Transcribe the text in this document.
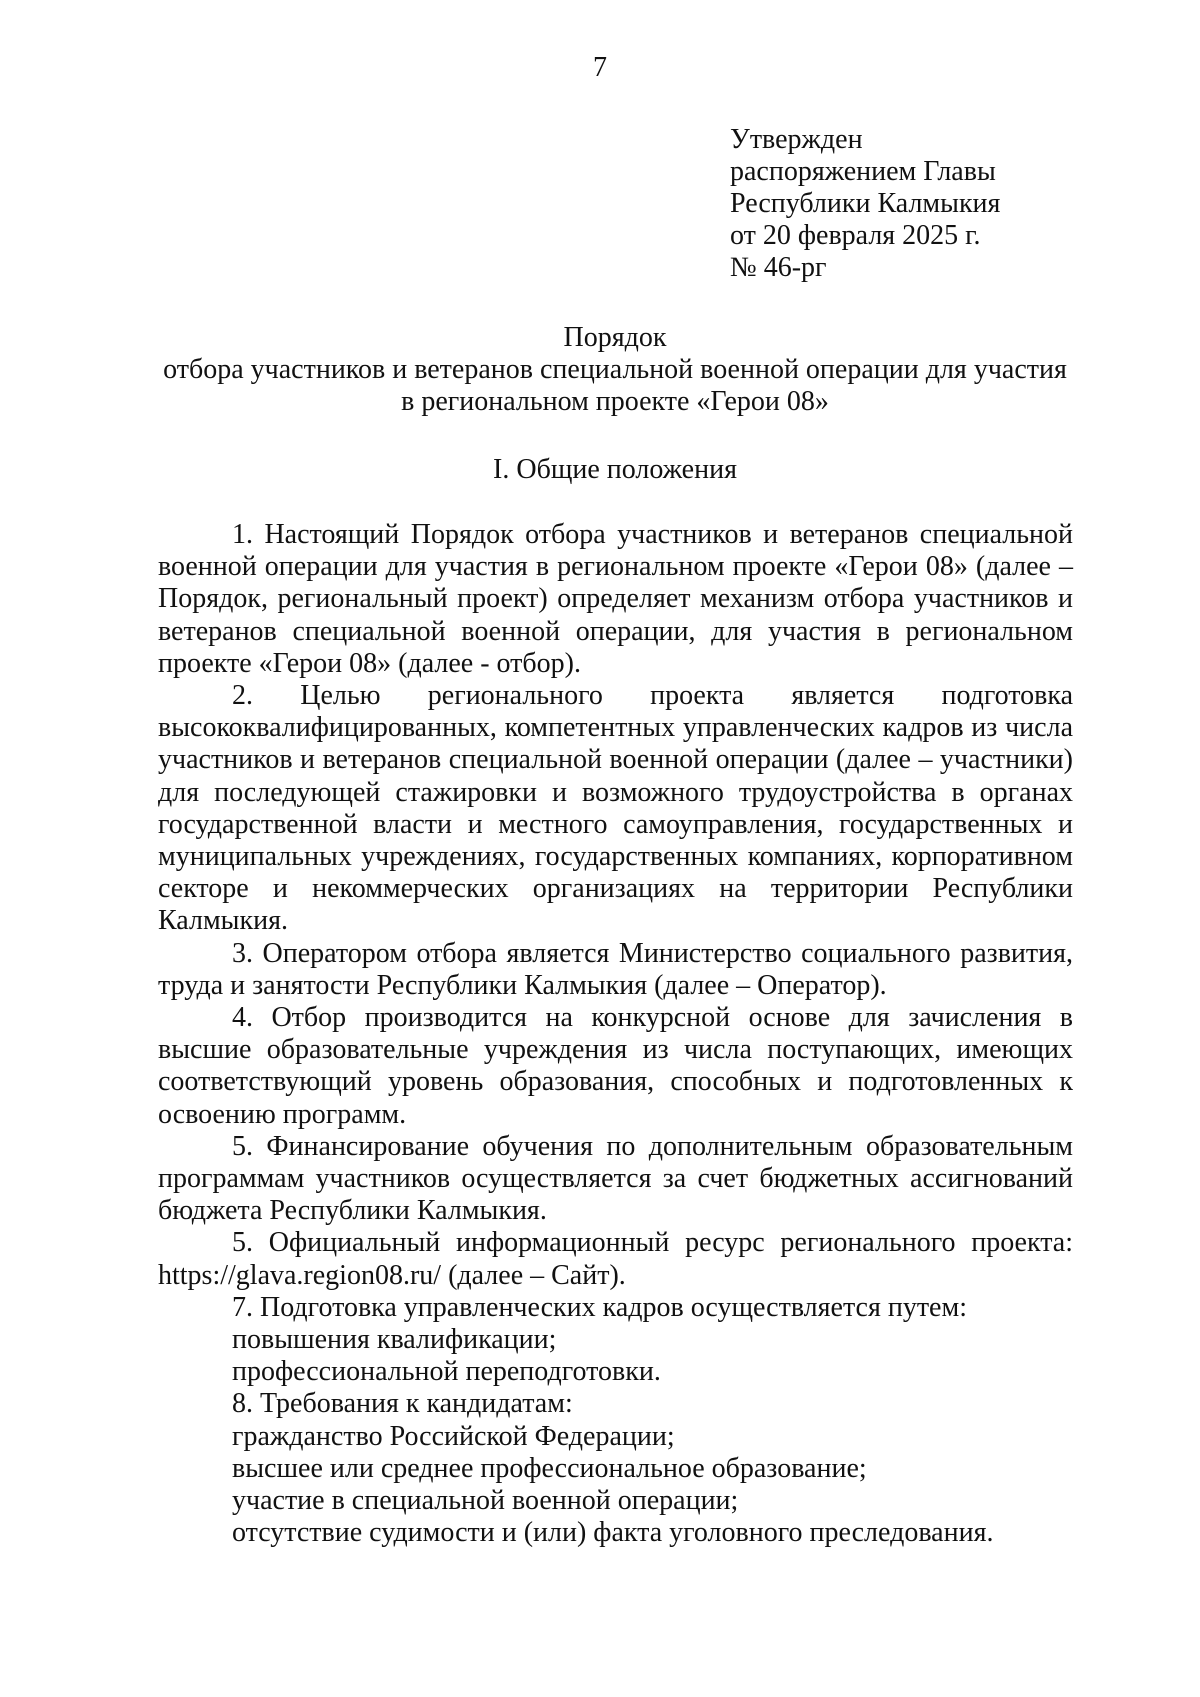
7
Утвержден
распоряжением Главы
Республики Калмыкия
от 20 февраля 2025 г.
№ 46-рг
Порядок
отбора участников и ветеранов специальной военной операции для участия
в региональном проекте «Герои 08»
I. Общие положения

1. Настоящий Порядок отбора участников и ветеранов специальной военной операции для участия в региональном проекте «Герои 08» (далее – Порядок, региональный проект) определяет механизм отбора участников и ветеранов специальной военной операции, для участия в региональном проекте «Герои 08» (далее - отбор).

2. Целью регионального проекта является подготовка высококвалифицированных, компетентных управленческих кадров из числа участников и ветеранов специальной военной операции (далее – участники) для последующей стажировки и возможного трудоустройства в органах государственной власти и местного самоуправления, государственных и муниципальных учреждениях, государственных компаниях, корпоративном секторе и некоммерческих организациях на территории Республики Калмыкия.

3. Оператором отбора является Министерство социального развития, труда и занятости Республики Калмыкия (далее – Оператор).

4. Отбор производится на конкурсной основе для зачисления в высшие образовательные учреждения из числа поступающих, имеющих соответствующий уровень образования, способных и подготовленных к освоению программ.

5. Финансирование обучения по дополнительным образовательным программам участников осуществляется за счет бюджетных ассигнований бюджета Республики Калмыкия.

5. Официальный информационный ресурс регионального проекта: https://glava.region08.ru/ (далее – Сайт).

7. Подготовка управленческих кадров осуществляется путем:

повышения квалификации;

профессиональной переподготовки.

8. Требования к кандидатам:

гражданство Российской Федерации;

высшее или среднее профессиональное образование;

участие в специальной военной операции;

отсутствие судимости и (или) факта уголовного преследования.
